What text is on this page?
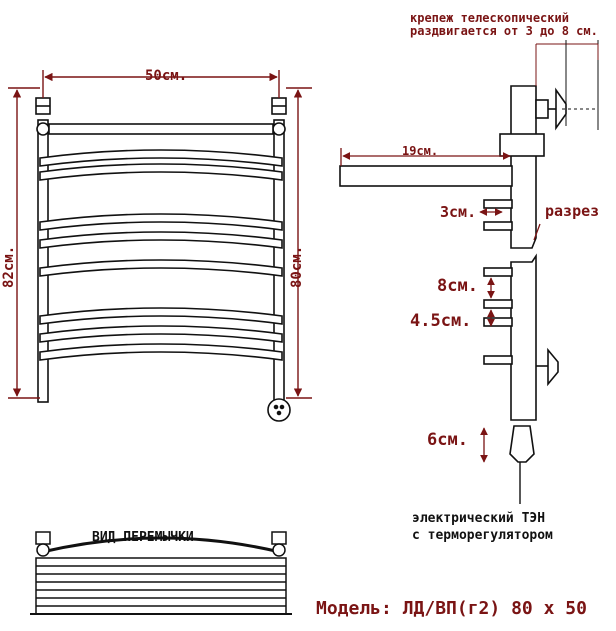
50см.
82см.	80см.
19см.
3см.	разрез
8см.
4.5см.
6см.
крепеж телескопический
раздвигается от 3 до 8 см.
электрический ТЭН
с терморегулятором
ВИД ПЕРЕМЫЧКИ
Модель: ЛД/ВП(г2) 80 х 50
